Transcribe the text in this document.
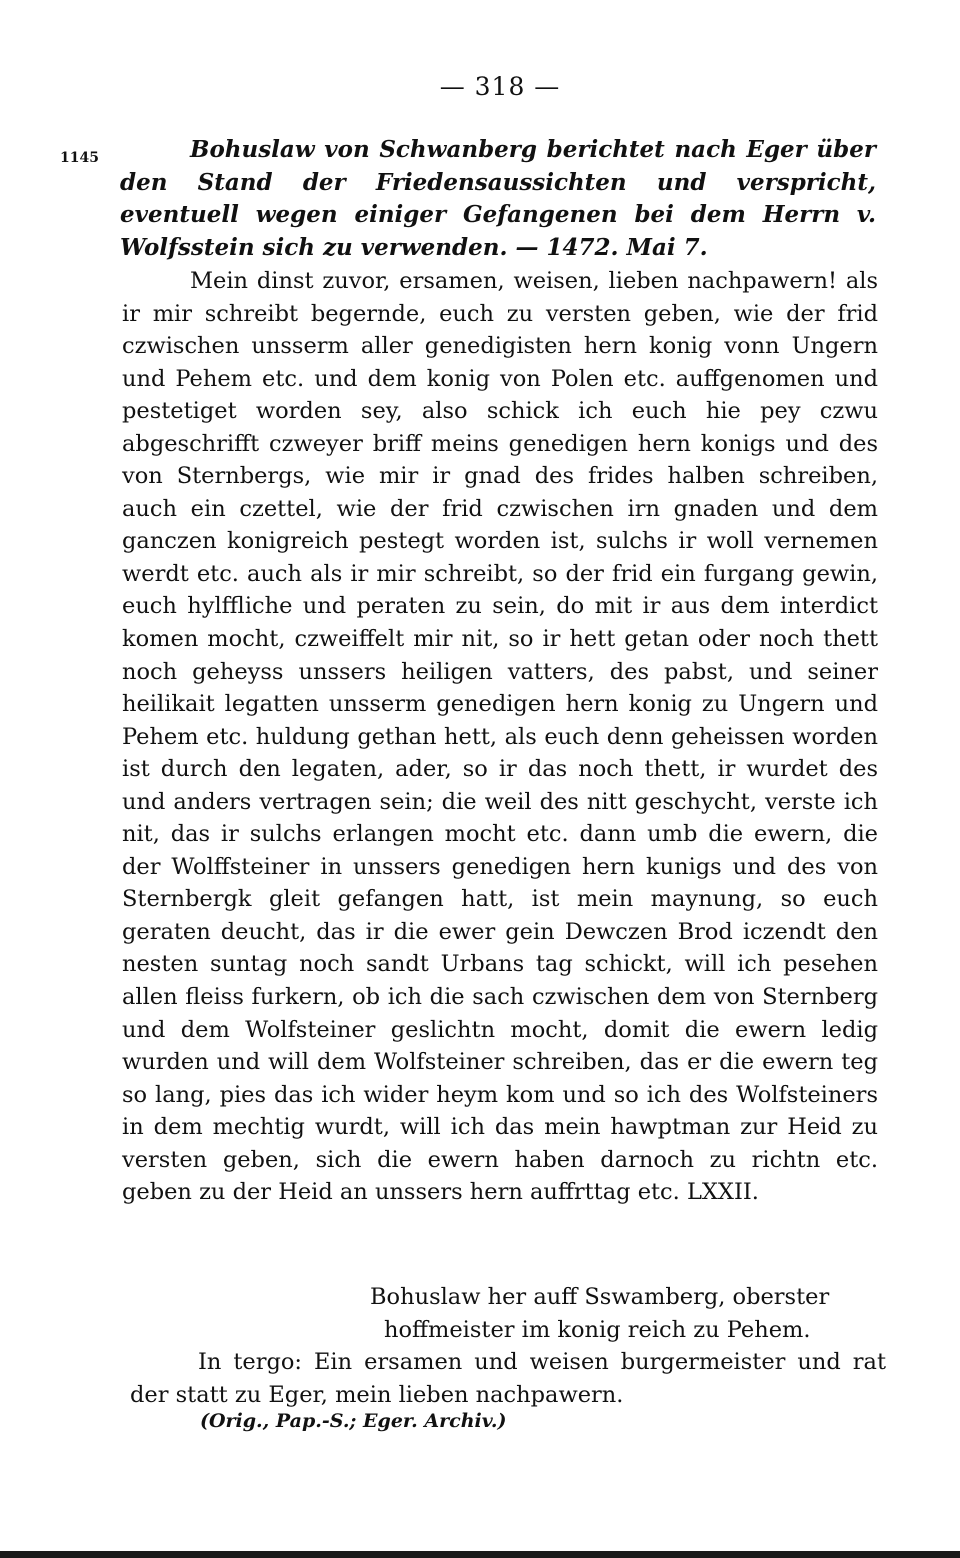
— 318 —
1145	Bohuslaw von Schwanberg berichtet nach Eger über den Stand der Friedensaussichten und verspricht, eventuell wegen einiger Gefangenen bei dem Herrn v. Wolfsstein sich zu verwenden. — 1472. Mai 7.
Mein dinst zuvor, ersamen, weisen, lieben nachpawern! als ir mir schreibt begernde, euch zu versten geben, wie der frid czwischen unsserm aller genedigisten hern konig vonn Ungern und Pehem etc. und dem konig von Polen etc. auffgenomen und pestetiget worden sey, also schick ich euch hie pey czwu abgeschrifft czweyer briff meins genedigen hern konigs und des von Sternbergs, wie mir ir gnad des frides halben schreiben, auch ein czettel, wie der frid czwischen irn gnaden und dem ganczen konigreich pestegt worden ist, sulchs ir woll vernemen werdt etc. auch als ir mir schreibt, so der frid ein furgang gewin, euch hylffliche und peraten zu sein, do mit ir aus dem interdict komen mocht, czweiffelt mir nit, so ir hett getan oder noch thett noch geheyss unssers heiligen vatters, des pabst, und seiner heilikait legatten unsserm genedigen hern konig zu Ungern und Pehem etc. huldung gethan hett, als euch denn geheissen worden ist durch den legaten, ader, so ir das noch thett, ir wurdet des und anders vertragen sein; die weil des nitt geschycht, verste ich nit, das ir sulchs erlangen mocht etc. dann umb die ewern, die der Wolffsteiner in unssers genedigen hern kunigs und des von Sternbergk gleit gefangen hatt, ist mein maynung, so euch geraten deucht, das ir die ewer gein Dewczen Brod iczendt den nesten suntag noch sandt Urbans tag schickt, will ich pesehen allen fleiss furkern, ob ich die sach czwischen dem von Sternberg und dem Wolfsteiner geslichtn mocht, domit die ewern ledig wurden und will dem Wolfsteiner schreiben, das er die ewern teg so lang, pies das ich wider heym kom und so ich des Wolfsteiners in dem mechtig wurdt, will ich das mein hawptman zur Heid zu versten geben, sich die ewern haben darnoch zu richtn etc. geben zu der Heid an unssers hern auffrttag etc. LXXII.
Bohuslaw her auff Sswamberg, oberster
hoffmeister im konig reich zu Pehem.
In tergo: Ein ersamen und weisen burgermeister und rat der statt zu Eger, mein lieben nachpawern.
(Orig., Pap.-S.; Eger. Archiv.)
